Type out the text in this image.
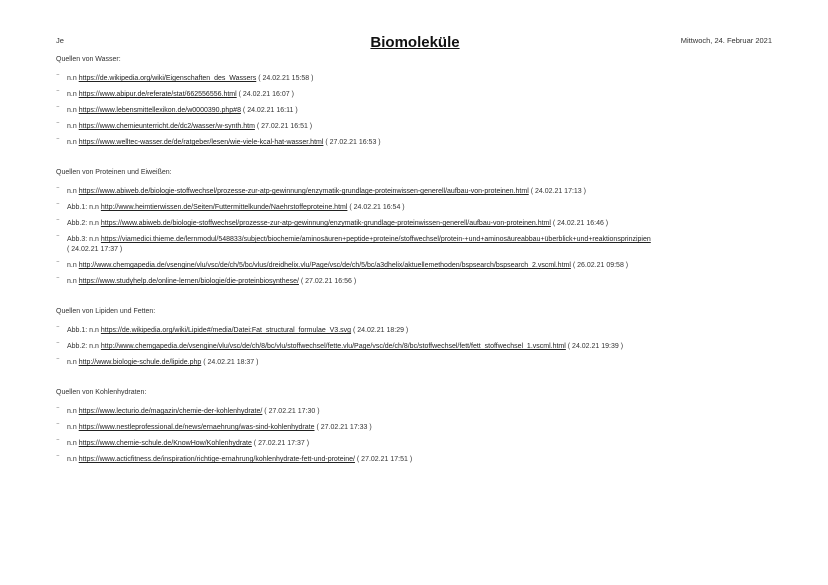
Je	Biomoleküle	Mittwoch, 24. Februar 2021
Quellen von Wasser:
⁻ n.n https://de.wikipedia.org/wiki/Eigenschaften_des_Wassers ( 24.02.21 15:58 )
⁻ n.n https://www.abipur.de/referate/stat/662556556.html ( 24.02.21 16:07 )
⁻ n.n https://www.lebensmittellexikon.de/w0000390.php#8 ( 24.02.21 16:11 )
⁻ n.n https://www.chemieunterricht.de/dc2/wasser/w-synth.htm ( 27.02.21 16:51 )
⁻ n.n https://www.welltec-wasser.de/de/ratgeber/lesen/wie-viele-kcal-hat-wasser.html ( 27.02.21 16:53 )
Quellen von Proteinen und Eiweißen:
⁻ n.n https://www.abiweb.de/biologie-stoffwechsel/prozesse-zur-atp-gewinnung/enzymatik-grundlage-proteinwissen-generell/aufbau-von-proteinen.html ( 24.02.21 17:13 )
⁻ Abb.1: n.n http://www.heimtierwissen.de/Seiten/Futtermittelkunde/Naehrstoffeproteine.html ( 24.02.21 16:54 )
⁻ Abb.2: n.n https://www.abiweb.de/biologie-stoffwechsel/prozesse-zur-atp-gewinnung/enzymatik-grundlage-proteinwissen-generell/aufbau-von-proteinen.html ( 24.02.21 16:46 )
⁻ Abb.3: n.n https://viamedici.thieme.de/lernmodul/548833/subject/biochemie/aminosäuren+peptide+proteine/stoffwechsel/protein-+und+aminosäureabbau+überblick+und+reaktionsprinzipien
( 24.02.21 17:37 )
⁻ n.n http://www.chemgapedia.de/vsengine/vlu/vsc/de/ch/5/bc/vlus/dreidhelix.vlu/Page/vsc/de/ch/5/bc/a3dhelix/aktuellemethoden/bspsearch/bspsearch_2.vscml.html ( 26.02.21 09:58 )
⁻ n.n https://www.studyhelp.de/online-lernen/biologie/die-proteinbiosynthese/ ( 27.02.21 16:56 )
Quellen von Lipiden und Fetten:
⁻ Abb.1: n.n https://de.wikipedia.org/wiki/Lipide#/media/Datei:Fat_structural_formulae_V3.svg ( 24.02.21 18:29 )
⁻ Abb.2: n.n http://www.chemgapedia.de/vsengine/vlu/vsc/de/ch/8/bc/vlu/stoffwechsel/fette.vlu/Page/vsc/de/ch/8/bc/stoffwechsel/fett/fett_stoffwechsel_1.vscml.html ( 24.02.21 19:39 )
⁻ n.n http://www.biologie-schule.de/lipide.php ( 24.02.21 18:37 )
Quellen von Kohlenhydraten:
⁻ n.n https://www.lecturio.de/magazin/chemie-der-kohlenhydrate/ ( 27.02.21 17:30 )
⁻ n.n https://www.nestleprofessional.de/news/ernaehrung/was-sind-kohlenhydrate ( 27.02.21 17:33 )
⁻ n.n https://www.chemie-schule.de/KnowHow/Kohlenhydrate ( 27.02.21 17:37 )
⁻ n.n https://www.acticfitness.de/inspiration/richtige-ernahrung/kohlenhydrate-fett-und-proteine/ ( 27.02.21 17:51 )
